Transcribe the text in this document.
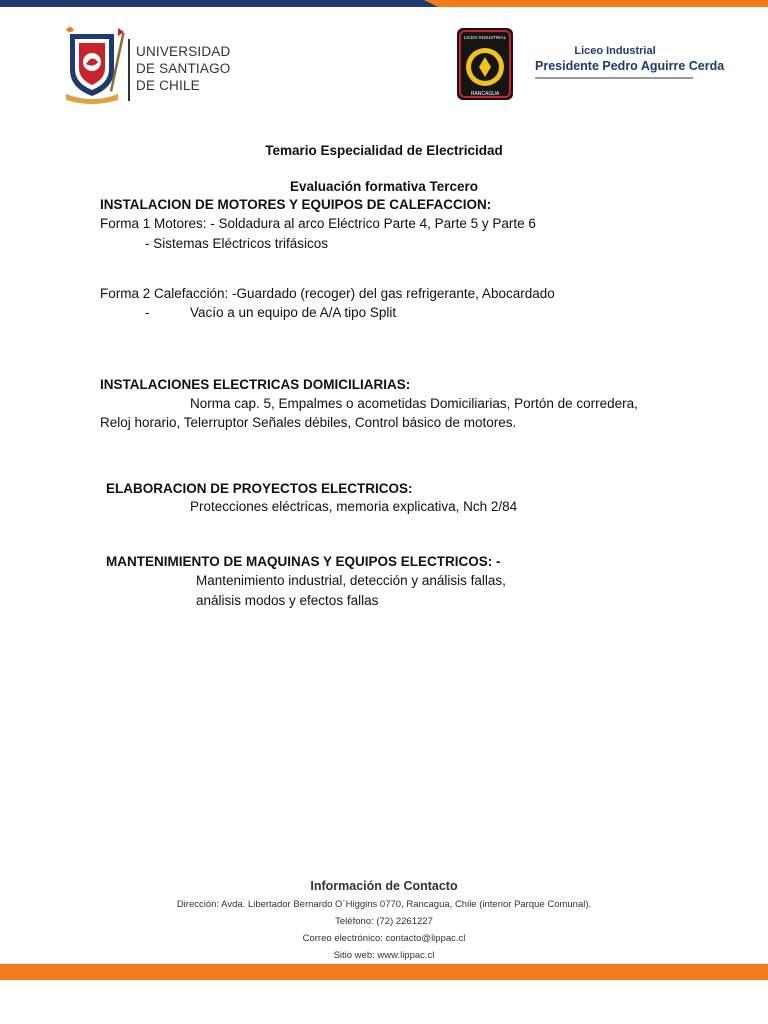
UNIVERSIDAD
DE SANTIAGO
DE CHILE
LICEO INDUSTRIAL
RANCAGUA
Liceo Industrial
Presidente Pedro Aguirre Cerda
Temario Especialidad de Electricidad
Evaluación formativa Tercero
INSTALACION DE MOTORES Y EQUIPOS DE CALEFACCION:
Forma 1 Motores: - Soldadura al arco Eléctrico Parte 4, Parte 5 y Parte 6
- Sistemas Eléctricos trifásicos
Forma 2 Calefacción: -Guardado (recoger) del gas refrigerante, Abocardado
-	Vacío a un equipo de A/A tipo Split
INSTALACIONES ELECTRICAS DOMICILIARIAS:
Norma cap. 5, Empalmes o acometidas Domiciliarias, Portón de corredera,
Reloj horario, Telerruptor Señales débiles, Control básico de motores.
ELABORACION DE PROYECTOS ELECTRICOS:
Protecciones eléctricas, memoria explicativa, Nch 2/84
MANTENIMIENTO DE MAQUINAS Y EQUIPOS ELECTRICOS: -
Mantenimiento industrial, detección y análisis fallas,
análisis modos y efectos fallas
Información de Contacto
Dirección: Avda. Libertador Bernardo O´Higgins 0770, Rancagua, Chile (interior Parque Comunal).
Teléfono: (72) 2261227
Correo electrónico: contacto@lippac.cl
Sitio web: www.lippac.cl
